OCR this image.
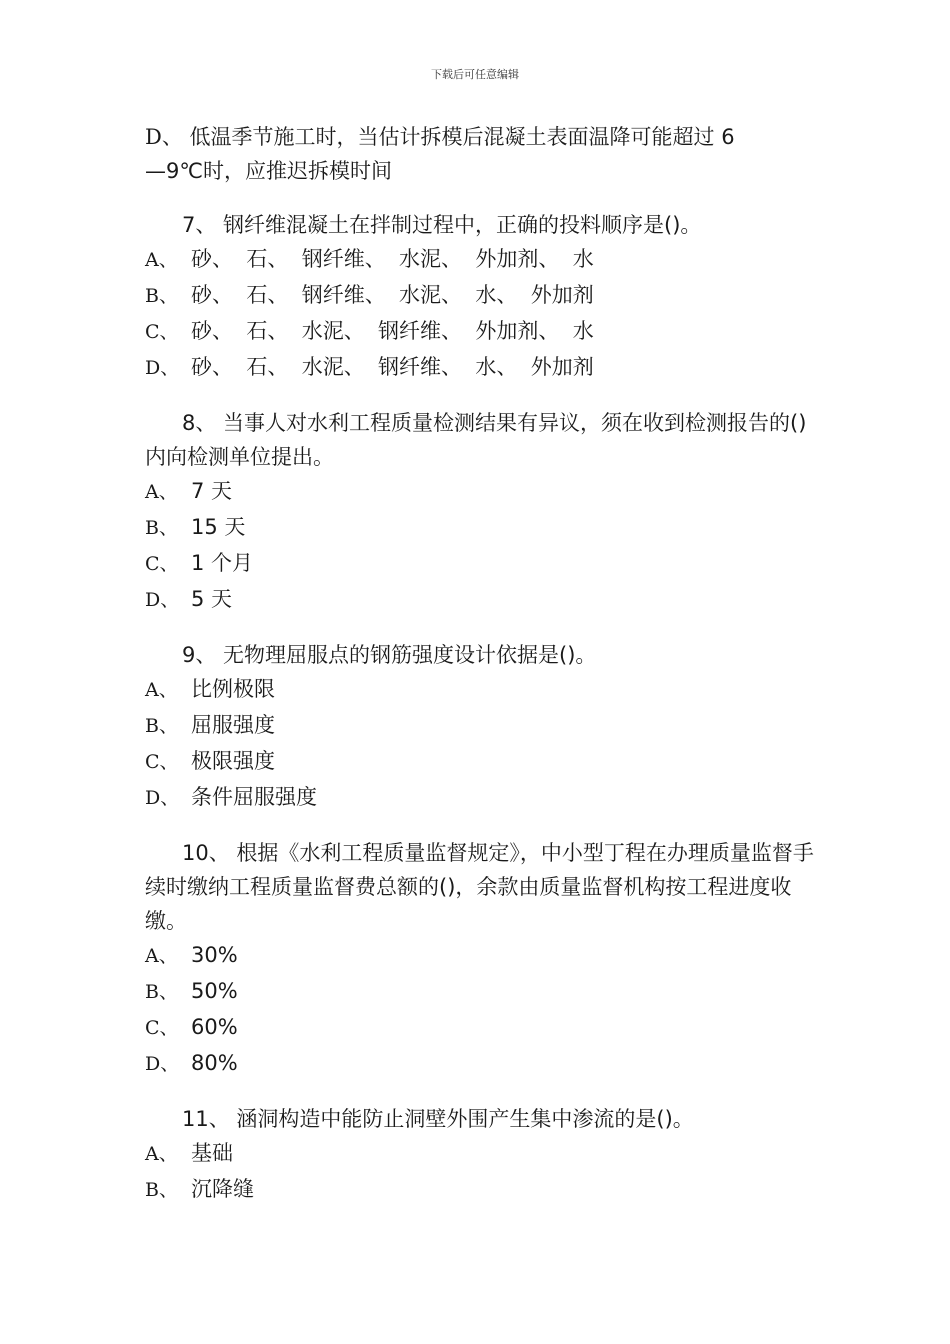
下载后可任意编辑

D、 低温季节施工时，当估计拆模后混凝土表面温降可能超过 6

—9℃时，应推迟拆模时间

7、 钢纤维混凝土在拌制过程中，正确的投料顺序是()。

A、 砂、  石、  钢纤维、  水泥、  外加剂、  水

B、 砂、  石、  钢纤维、  水泥、  水、  外加剂

C、 砂、  石、  水泥、  钢纤维、  外加剂、  水

D、 砂、  石、  水泥、  钢纤维、  水、  外加剂

8、 当事人对水利工程质量检测结果有异议，须在收到检测报告的()内向检测单位提出。

A、 7 天

B、 15 天

C、 1 个月

D、 5 天

9、 无物理屈服点的钢筋强度设计依据是()。

A、 比例极限

B、 屈服强度

C、 极限强度

D、 条件屈服强度

10、 根据《水利工程质量监督规定》，中小型丁程在办理质量监督手续时缴纳工程质量监督费总额的()，余款由质量监督机构按工程进度收缴。

A、 30%

B、 50%

C、 60%

D、 80%

11、 涵洞构造中能防止洞壁外围产生集中渗流的是()。

A、 基础

B、 沉降缝
